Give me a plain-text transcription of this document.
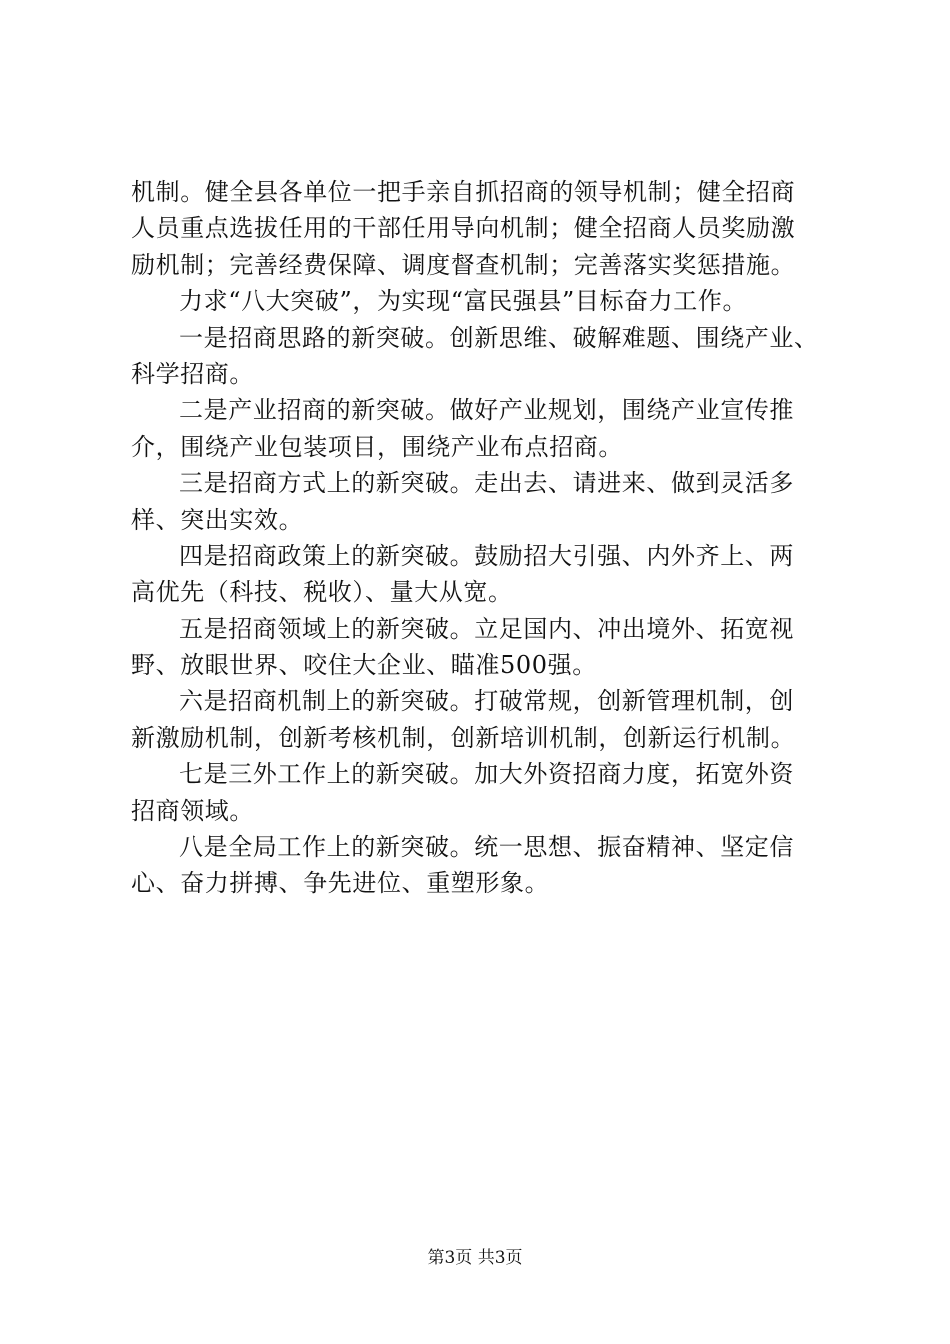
机制。健全县各单位一把手亲自抓招商的领导机制；健全招商
人员重点选拔任用的干部任用导向机制；健全招商人员奖励激
励机制；完善经费保障、调度督查机制；完善落实奖惩措施。
力求“八大突破”，为实现“富民强县”目标奋力工作。
一是招商思路的新突破。创新思维、破解难题、围绕产业、
科学招商。
二是产业招商的新突破。做好产业规划，围绕产业宣传推
介，围绕产业包装项目，围绕产业布点招商。
三是招商方式上的新突破。走出去、请进来、做到灵活多
样、突出实效。
四是招商政策上的新突破。鼓励招大引强、内外齐上、两
高优先（科技、税收）、量大从宽。
五是招商领域上的新突破。立足国内、冲出境外、拓宽视
野、放眼世界、咬住大企业、瞄准500强。
六是招商机制上的新突破。打破常规，创新管理机制，创
新激励机制，创新考核机制，创新培训机制，创新运行机制。
七是三外工作上的新突破。加大外资招商力度，拓宽外资
招商领域。
八是全局工作上的新突破。统一思想、振奋精神、坚定信
心、奋力拼搏、争先进位、重塑形象。
第3页 共3页
